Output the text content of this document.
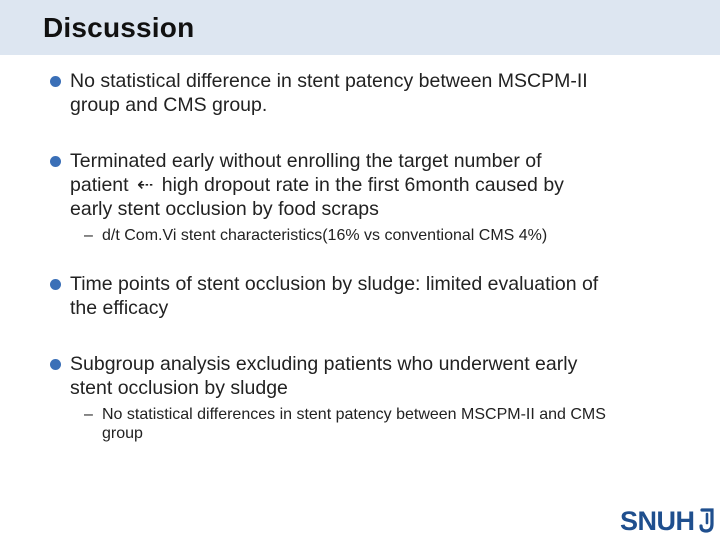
Discussion
No statistical difference in stent patency between MSCPM-II
group and CMS group.
Terminated early without enrolling the target number of
patient ⇠ high dropout rate in the first 6month caused by
early stent occlusion by food scraps
– d/t Com.Vi stent characteristics(16% vs conventional CMS 4%)
Time points of stent occlusion by sludge: limited evaluation of
the efficacy
Subgroup analysis excluding patients who underwent early
stent occlusion by sludge
– No statistical differences in stent patency between MSCPM-II and CMS
group
SNUH
